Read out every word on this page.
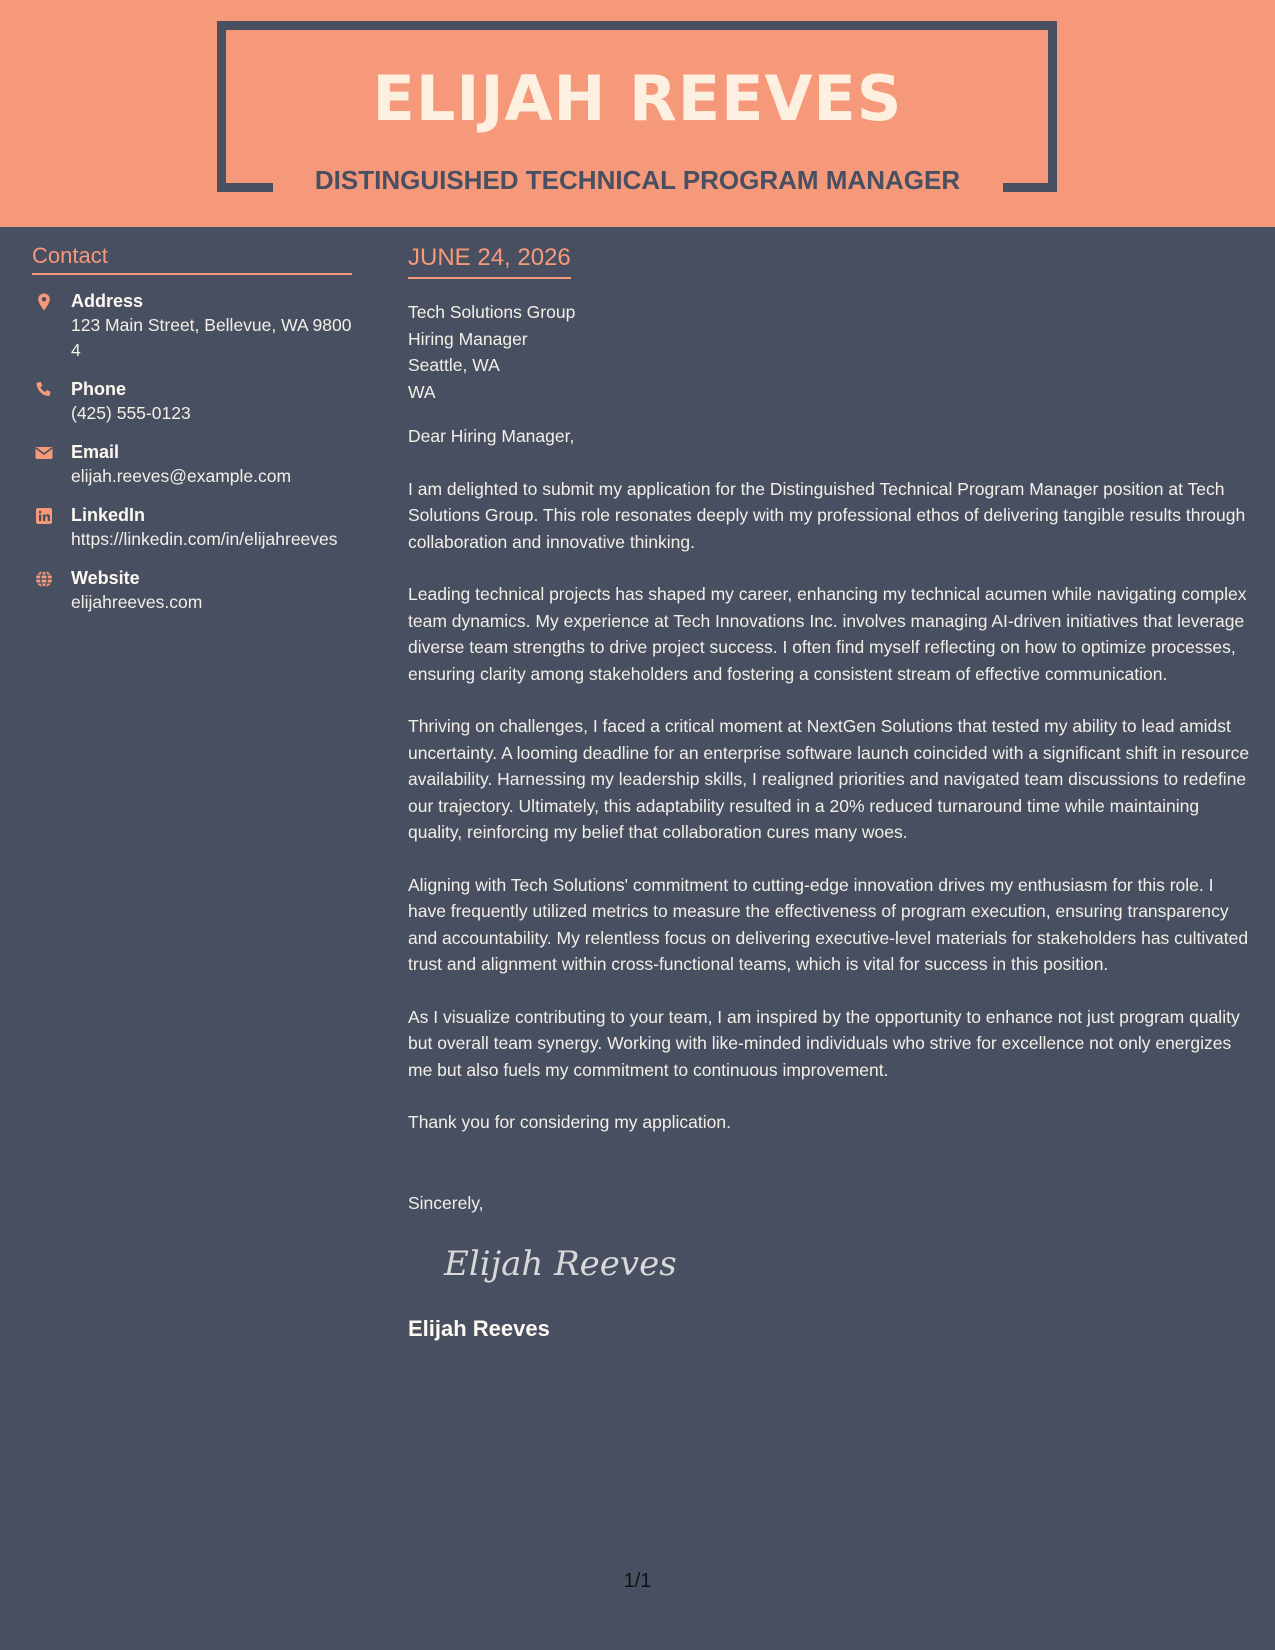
ELIJAH REEVES
DISTINGUISHED TECHNICAL PROGRAM MANAGER
Contact
Address
123 Main Street, Bellevue, WA 98004
Phone
(425) 555-0123
Email
elijah.reeves@example.com
LinkedIn
https://linkedin.com/in/elijahreeves
Website
elijahreeves.com
JUNE 24, 2026
Tech Solutions Group
Hiring Manager
Seattle, WA
WA
Dear Hiring Manager,
I am delighted to submit my application for the Distinguished Technical Program Manager position at Tech Solutions Group. This role resonates deeply with my professional ethos of delivering tangible results through collaboration and innovative thinking.
Leading technical projects has shaped my career, enhancing my technical acumen while navigating complex team dynamics. My experience at Tech Innovations Inc. involves managing AI-driven initiatives that leverage diverse team strengths to drive project success. I often find myself reflecting on how to optimize processes, ensuring clarity among stakeholders and fostering a consistent stream of effective communication.
Thriving on challenges, I faced a critical moment at NextGen Solutions that tested my ability to lead amidst uncertainty. A looming deadline for an enterprise software launch coincided with a significant shift in resource availability. Harnessing my leadership skills, I realigned priorities and navigated team discussions to redefine our trajectory. Ultimately, this adaptability resulted in a 20% reduced turnaround time while maintaining quality, reinforcing my belief that collaboration cures many woes.
Aligning with Tech Solutions' commitment to cutting-edge innovation drives my enthusiasm for this role. I have frequently utilized metrics to measure the effectiveness of program execution, ensuring transparency and accountability. My relentless focus on delivering executive-level materials for stakeholders has cultivated trust and alignment within cross-functional teams, which is vital for success in this position.
As I visualize contributing to your team, I am inspired by the opportunity to enhance not just program quality but overall team synergy. Working with like-minded individuals who strive for excellence not only energizes me but also fuels my commitment to continuous improvement.
Thank you for considering my application.
Sincerely,
Elijah Reeves
Elijah Reeves
1/1
